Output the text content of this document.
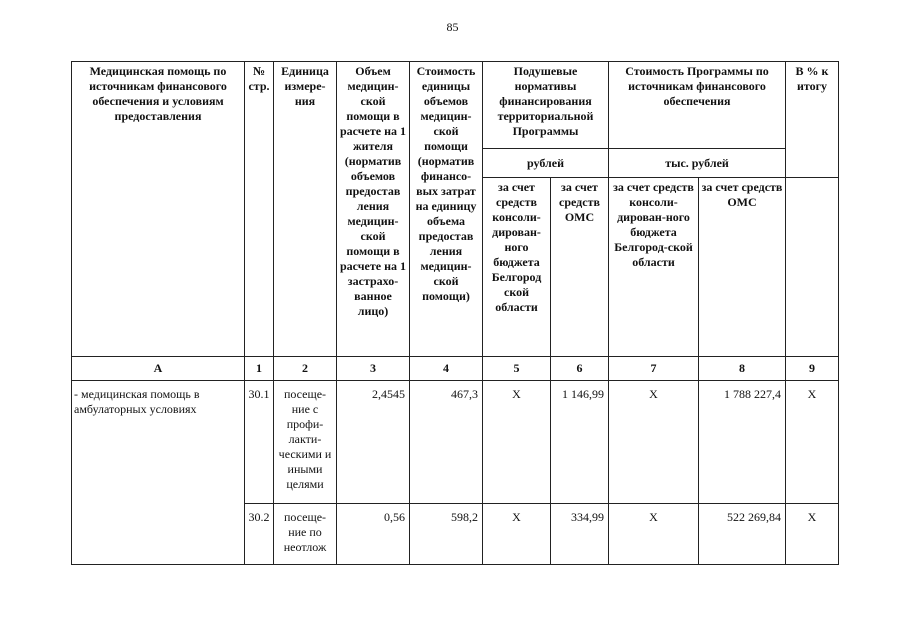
85
Медицинская помощь по источникам финансового обеспечения и условиям предоставления	№ стр.	Единица измере-ния	Объем медицин-ской помощи в расчете на 1 жителя (норматив объемов предостав ления медицин-ской помощи в расчете на 1 застрахо-ванное лицо)	Стоимость единицы объемов медицин-ской помощи (норматив финансо-вых затрат на единицу объема предостав ления медицин-ской помощи)	Подушевые нормативы финансирования территориальной Программы		Стоимость Программы по источникам финансового обеспечения		В % к итогу
					рублей		тыс. рублей		
					за счет средств консоли-дирован-ного бюджета Белгород ской области	за счет средств ОМС	за счет средств консоли-дирован-ного бюджета Белгород-ской области	за счет средств ОМС	
А	1	2	3	4	5	6	7	8	9
- медицинская помощь в амбулаторных условиях	30.1	посеще-ние с профи-лакти-ческими и иными целями	2,4545	467,3	Х	1 146,99	Х	1 788 227,4	Х
	30.2	посеще-ние по неотлож	0,56	598,2	Х	334,99	Х	522 269,84	Х
